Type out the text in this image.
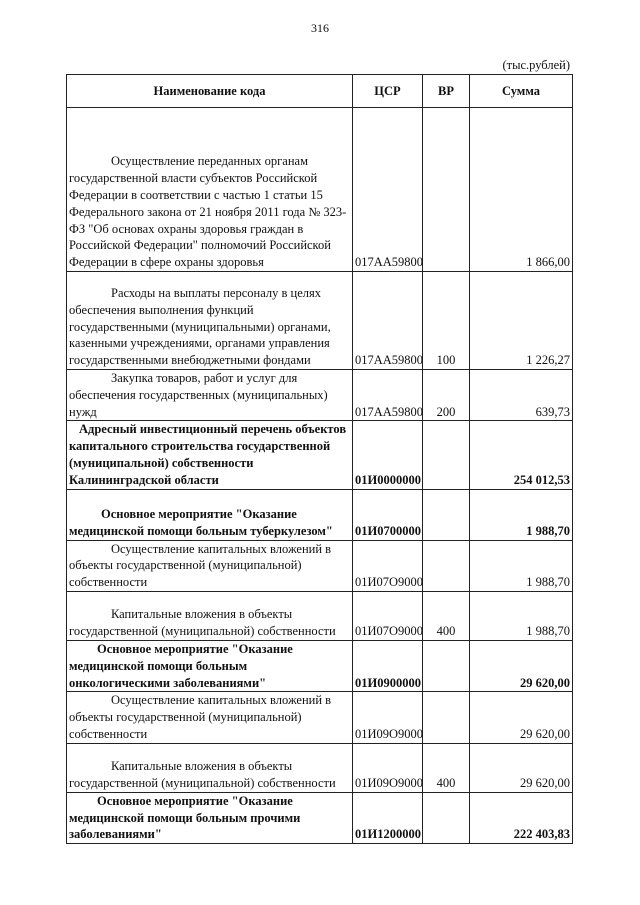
316
(тыс.рублей)
Наименование кода	ЦСР	ВР	Сумма
Осуществление переданных органам государственной власти субъектов Российской Федерации в соответствии с частью 1 статьи 15 Федерального закона от 21 ноября 2011 года № 323-ФЗ "Об основах охраны здоровья граждан в Российской Федерации" полномочий Российской Федерации в сфере охраны здоровья	017АА59800		1 866,00
Расходы на выплаты персоналу в целях обеспечения выполнения функций государственными (муниципальными) органами, казенными учреждениями, органами управления государственными внебюджетными фондами	017АА59800	100	1 226,27
Закупка товаров, работ и услуг для обеспечения государственных (муниципальных) нужд	017АА59800	200	639,73
Адресный инвестиционный перечень объектов капитального строительства государственной (муниципальной) собственности Калининградской области	01И0000000		254 012,53
Основное мероприятие "Оказание медицинской помощи больным туберкулезом"	01И0700000		1 988,70
Осуществление капитальных вложений в объекты государственной (муниципальной) собственности	01И07О9000		1 988,70
Капитальные вложения в объекты государственной (муниципальной) собственности	01И07О9000	400	1 988,70
Основное мероприятие "Оказание медицинской помощи больным онкологическими заболеваниями"	01И0900000		29 620,00
Осуществление капитальных вложений в объекты государственной (муниципальной) собственности	01И09О9000		29 620,00
Капитальные вложения в объекты государственной (муниципальной) собственности	01И09О9000	400	29 620,00
Основное мероприятие "Оказание медицинской помощи больным прочими заболеваниями"	01И1200000		222 403,83
